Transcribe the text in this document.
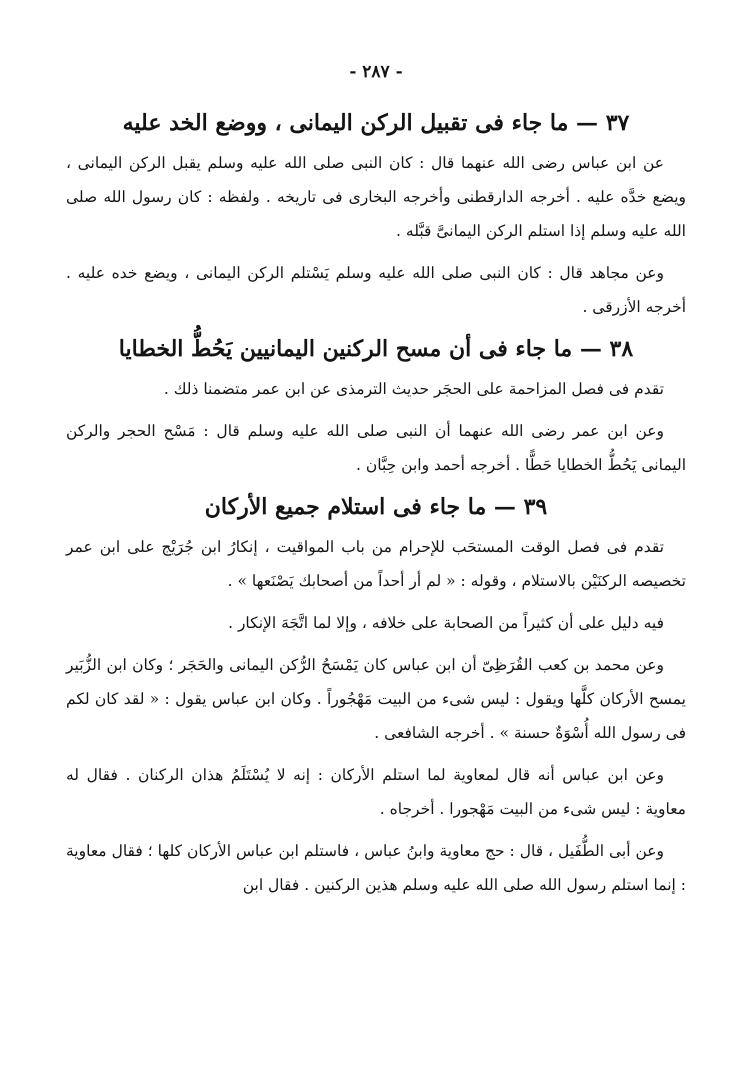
- ٢٨٧ -
٣٧ — ما جاء فى تقبيل الركن اليمانى ، ووضع الخد عليه

عن ابن عباس رضى الله عنهما قال : كان النبى صلى الله عليه وسلم يقبل الركن اليمانى ، ويضع خدَّه عليه . أخرجه الدارقطنى وأخرجه البخارى فى تاريخه . ولفظه : كان رسول الله صلى الله عليه وسلم إذا استلم الركن اليمانىَّ قبَّله .

وعن مجاهد قال : كان النبى صلى الله عليه وسلم يَسْتلم الركن اليمانى ، ويضع خده عليه . أخرجه الأزرقى .

٣٨ — ما جاء فى أن مسح الركنين اليمانيين يَحُطُّ الخطايا

تقدم فى فصل المزاحمة على الحجَر حديث الترمذى عن ابن عمر متضمنا ذلك .

وعن ابن عمر رضى الله عنهما أن النبى صلى الله عليه وسلم قال : مَسْح الحجر والركن اليمانى يَحُطُّ الخطايا حَطًّا . أخرجه أحمد وابن حِبَّان .

٣٩ — ما جاء فى استلام جميع الأركان

تقدم فى فصل الوقت المستحَب للإحرام من باب المواقيت ، إنكارُ ابن جُرَيْج على ابن عمر تخصيصه الركنَيْن بالاستلام ، وقوله : « لم أر أحداً من أصحابك يَصْنَعها » .

فيه دليل على أن كثيراً من الصحابة على خلافه ، وإلا لما اتَّجَهَ الإنكار .

وعن محمد بن كعب القُرَظِىّ أن ابن عباس كان يَمْسَحُ الرُّكن اليمانى والحَجَر ؛ وكان ابن الزُّبَير يمسح الأركان كلَّها ويقول : ليس شىء من البيت مَهْجُوراً . وكان ابن عباس يقول : « لقد كان لكم فى رسول الله أُسْوَةٌ حسنة » . أخرجه الشافعى .

وعن ابن عباس أنه قال لمعاوية لما استلم الأركان : إنه لا يُسْتَلَمُ هذان الركنان . فقال له معاوية : ليس شىء من البيت مَهْجورا . أخرجاه .

وعن أبى الطُّفَيل ، قال : حج معاوية وابنُ عباس ، فاستلم ابن عباس الأركان كلها ؛ فقال معاوية : إنما استلم رسول الله صلى الله عليه وسلم هذين الركنين . فقال ابن
